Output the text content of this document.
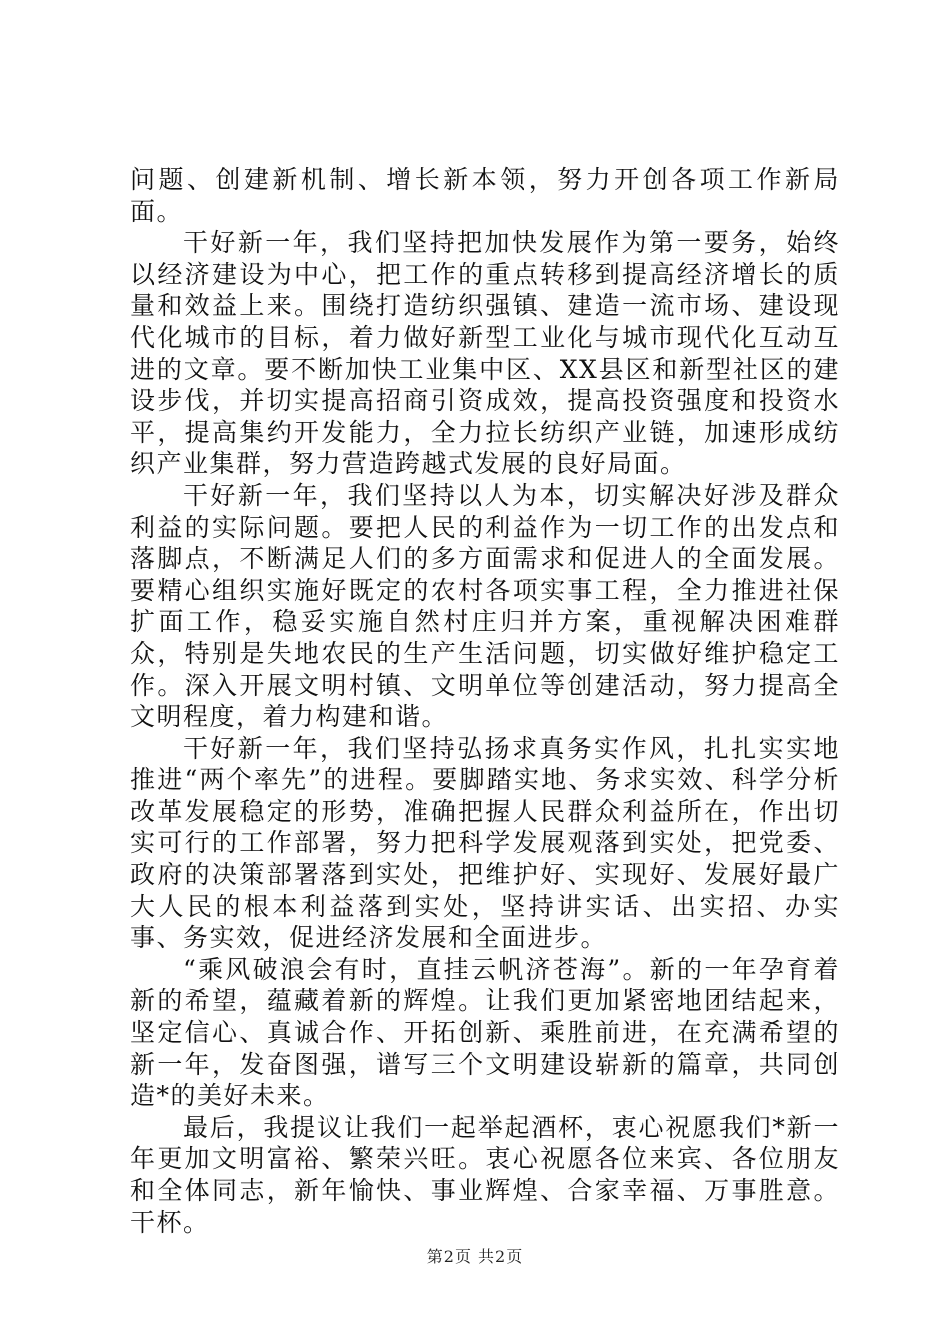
问题、创建新机制、增长新本领，努力开创各项工作新局面。

干好新一年，我们坚持把加快发展作为第一要务，始终以经济建设为中心，把工作的重点转移到提高经济增长的质量和效益上来。围绕打造纺织强镇、建造一流市场、建设现代化城市的目标，着力做好新型工业化与城市现代化互动互进的文章。要不断加快工业集中区、XX县区和新型社区的建设步伐，并切实提高招商引资成效，提高投资强度和投资水平，提高集约开发能力，全力拉长纺织产业链，加速形成纺织产业集群，努力营造跨越式发展的良好局面。

干好新一年，我们坚持以人为本，切实解决好涉及群众利益的实际问题。要把人民的利益作为一切工作的出发点和落脚点，不断满足人们的多方面需求和促进人的全面发展。要精心组织实施好既定的农村各项实事工程，全力推进社保扩面工作，稳妥实施自然村庄归并方案，重视解决困难群众，特别是失地农民的生产生活问题，切实做好维护稳定工作。深入开展文明村镇、文明单位等创建活动，努力提高全文明程度，着力构建和谐。

干好新一年，我们坚持弘扬求真务实作风，扎扎实实地推进“两个率先”的进程。要脚踏实地、务求实效、科学分析改革发展稳定的形势，准确把握人民群众利益所在，作出切实可行的工作部署，努力把科学发展观落到实处，把党委、政府的决策部署落到实处，把维护好、实现好、发展好最广大人民的根本利益落到实处，坚持讲实话、出实招、办实事、务实效，促进经济发展和全面进步。

“乘风破浪会有时，直挂云帆济苍海”。新的一年孕育着新的希望，蕴藏着新的辉煌。让我们更加紧密地团结起来，坚定信心、真诚合作、开拓创新、乘胜前进，在充满希望的新一年，发奋图强，谱写三个文明建设崭新的篇章，共同创造*的美好未来。

最后，我提议让我们一起举起酒杯，衷心祝愿我们*新一年更加文明富裕、繁荣兴旺。衷心祝愿各位来宾、各位朋友和全体同志，新年愉快、事业辉煌、合家幸福、万事胜意。干杯。

第2页 共2页
